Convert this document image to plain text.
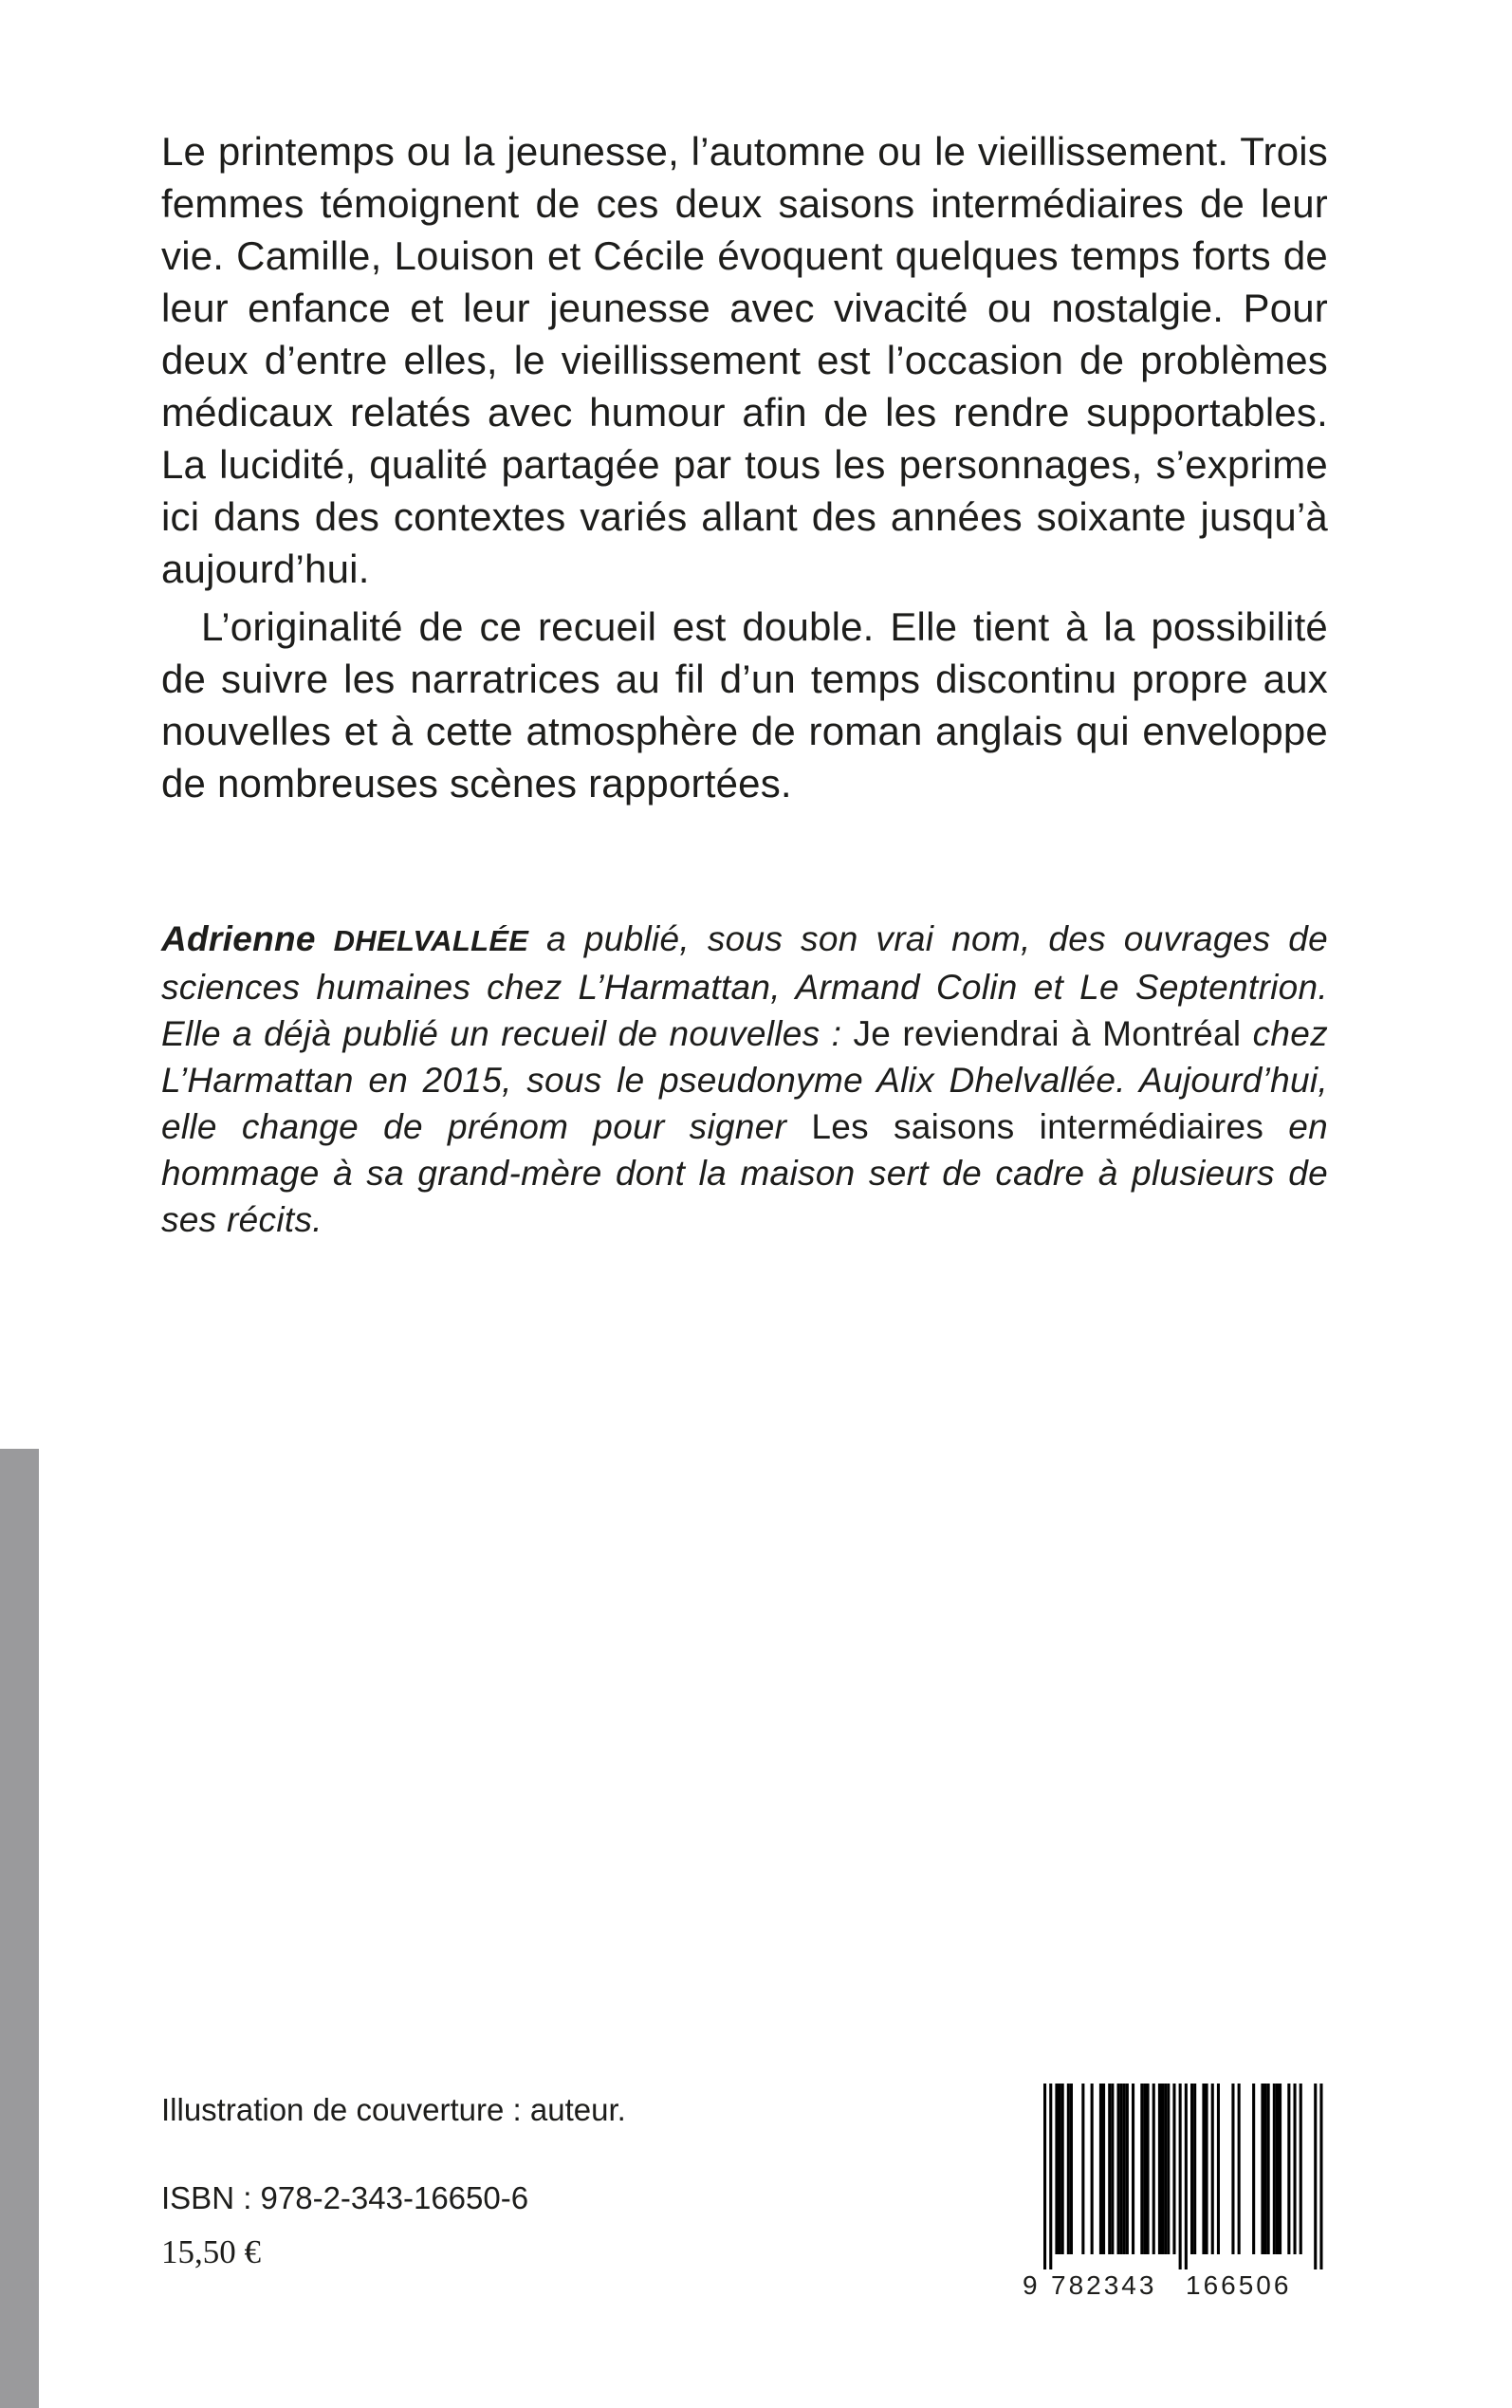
Le printemps ou la jeunesse, l’automne ou le vieillissement. Trois femmes témoignent de ces deux saisons intermédiaires de leur vie. Camille, Louison et Cécile évoquent quelques temps forts de leur enfance et leur jeunesse avec vivacité ou nostalgie. Pour deux d’entre elles, le vieillissement est l’occasion de problèmes médicaux relatés avec humour afin de les rendre supportables. La lucidité, qualité partagée par tous les personnages, s’exprime ici dans des contextes variés allant des années soixante jusqu’à aujourd’hui.

L’originalité de ce recueil est double. Elle tient à la possibilité de suivre les narratrices au fil d’un temps discontinu propre aux nouvelles et à cette atmosphère de roman anglais qui enveloppe de nombreuses scènes rapportées.

Adrienne DHELVALLÉE a publié, sous son vrai nom, des ouvrages de sciences humaines chez L’Harmattan, Armand Colin et Le Septentrion. Elle a déjà publié un recueil de nouvelles : Je reviendrai à Montréal chez L’Harmattan en 2015, sous le pseudonyme Alix Dhelvallée. Aujourd’hui, elle change de prénom pour signer Les saisons intermédiaires en hommage à sa grand-mère dont la maison sert de cadre à plusieurs de ses récits.

Illustration de couverture : auteur.
ISBN : 978-2-343-16650-6
15,50 €
9 782343 166506
